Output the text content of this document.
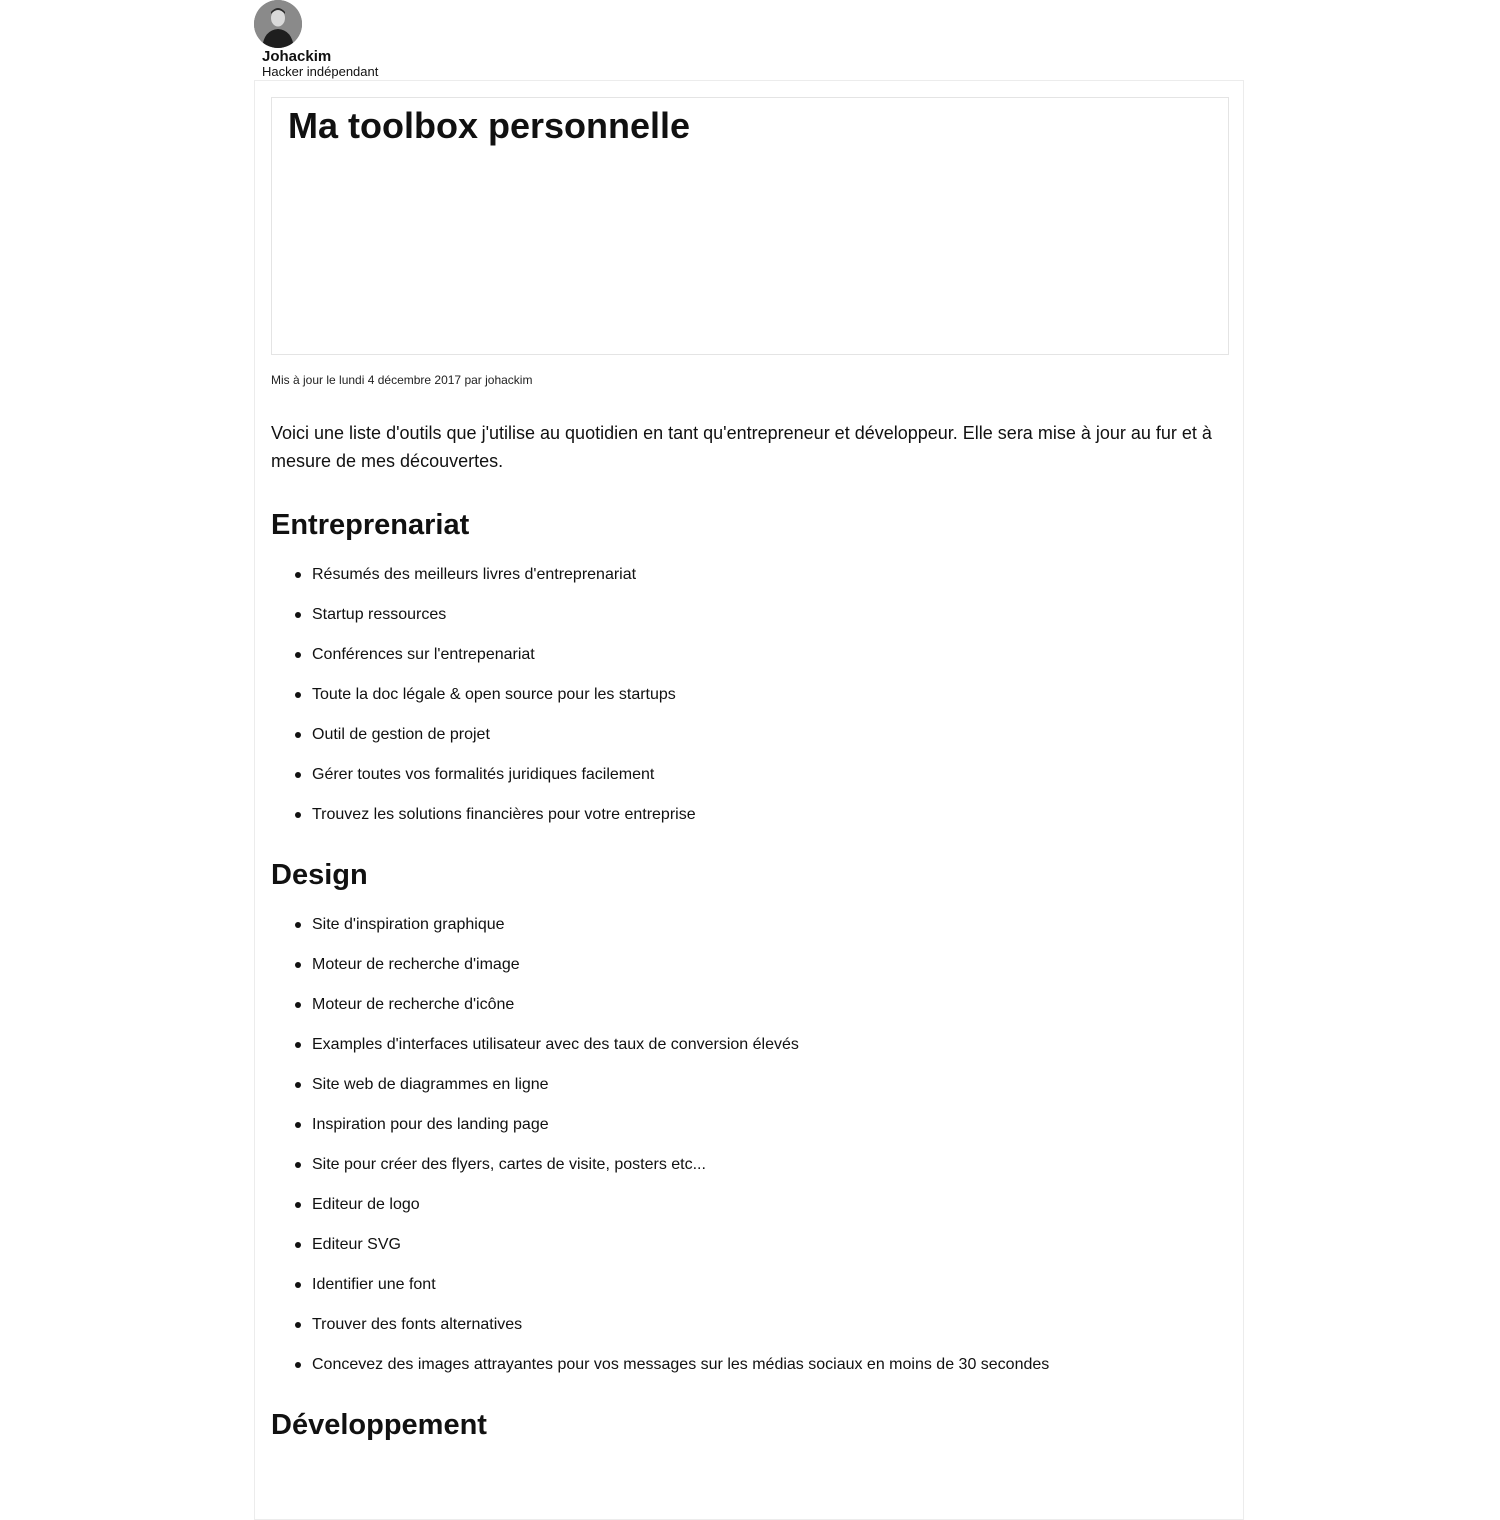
Johackim
Hacker indépendant
Ma toolbox personnelle
Mis à jour le lundi 4 décembre 2017 par johackim

Voici une liste d'outils que j'utilise au quotidien en tant qu'entrepreneur et développeur. Elle sera mise à jour au fur et à mesure de mes découvertes.

Entreprenariat
Résumés des meilleurs livres d'entreprenariat
Startup ressources
Conférences sur l'entrepenariat
Toute la doc légale & open source pour les startups
Outil de gestion de projet
Gérer toutes vos formalités juridiques facilement
Trouvez les solutions financières pour votre entreprise
Design
Site d'inspiration graphique
Moteur de recherche d'image
Moteur de recherche d'icône
Examples d'interfaces utilisateur avec des taux de conversion élevés
Site web de diagrammes en ligne
Inspiration pour des landing page
Site pour créer des flyers, cartes de visite, posters etc...
Editeur de logo
Editeur SVG
Identifier une font
Trouver des fonts alternatives
Concevez des images attrayantes pour vos messages sur les médias sociaux en moins de 30 secondes
Développement
